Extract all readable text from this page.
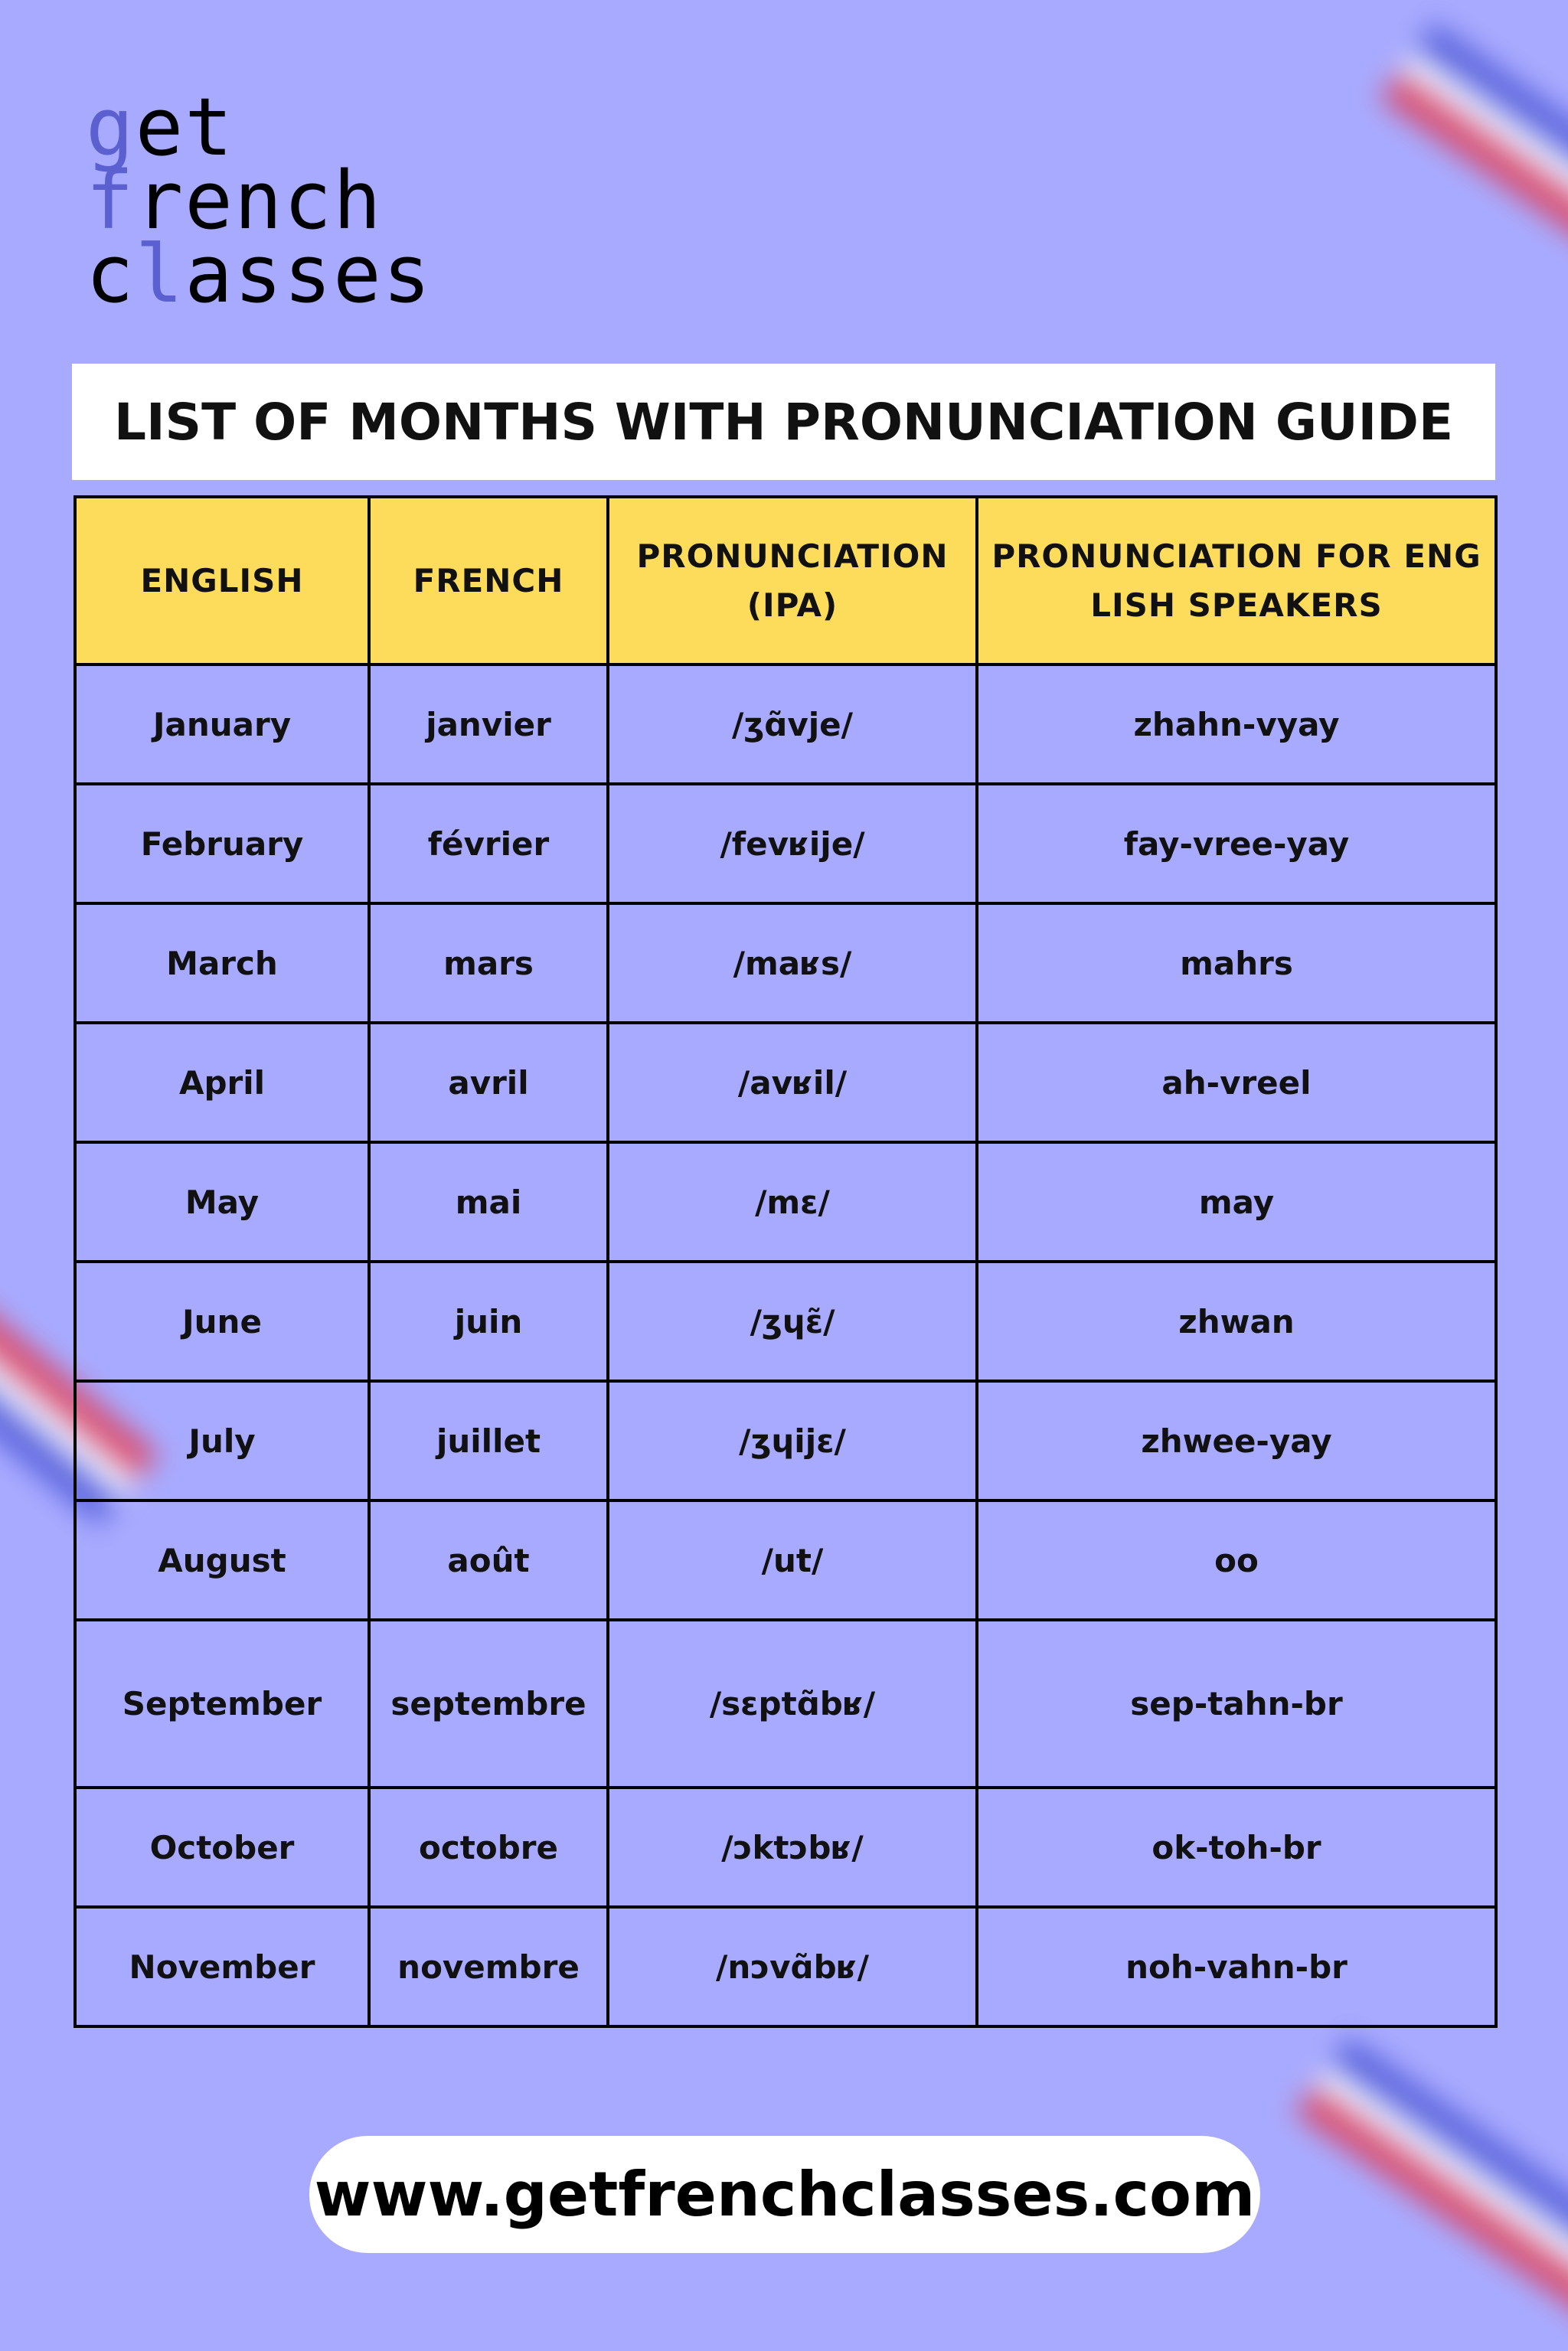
get
french
classes
LIST OF MONTHS WITH PRONUNCIATION GUIDE
ENGLISH	FRENCH	PRONUNCIATION (IPA)	PRONUNCIATION FOR ENGLISH SPEAKERS
January	janvier	/ʒɑ̃vje/	zhahn-vyay
February	février	/fevʁije/	fay-vree-yay
March	mars	/maʁs/	mahrs
April	avril	/avʁil/	ah-vreel
May	mai	/mɛ/	may
June	juin	/ʒɥɛ̃/	zhwan
July	juillet	/ʒɥijɛ/	zhwee-yay
August	août	/ut/	oo
September	septembre	/sɛptɑ̃bʁ/	sep-tahn-br
October	octobre	/ɔktɔbʁ/	ok-toh-br
November	novembre	/nɔvɑ̃bʁ/	noh-vahn-br
www.getfrenchclasses.com
